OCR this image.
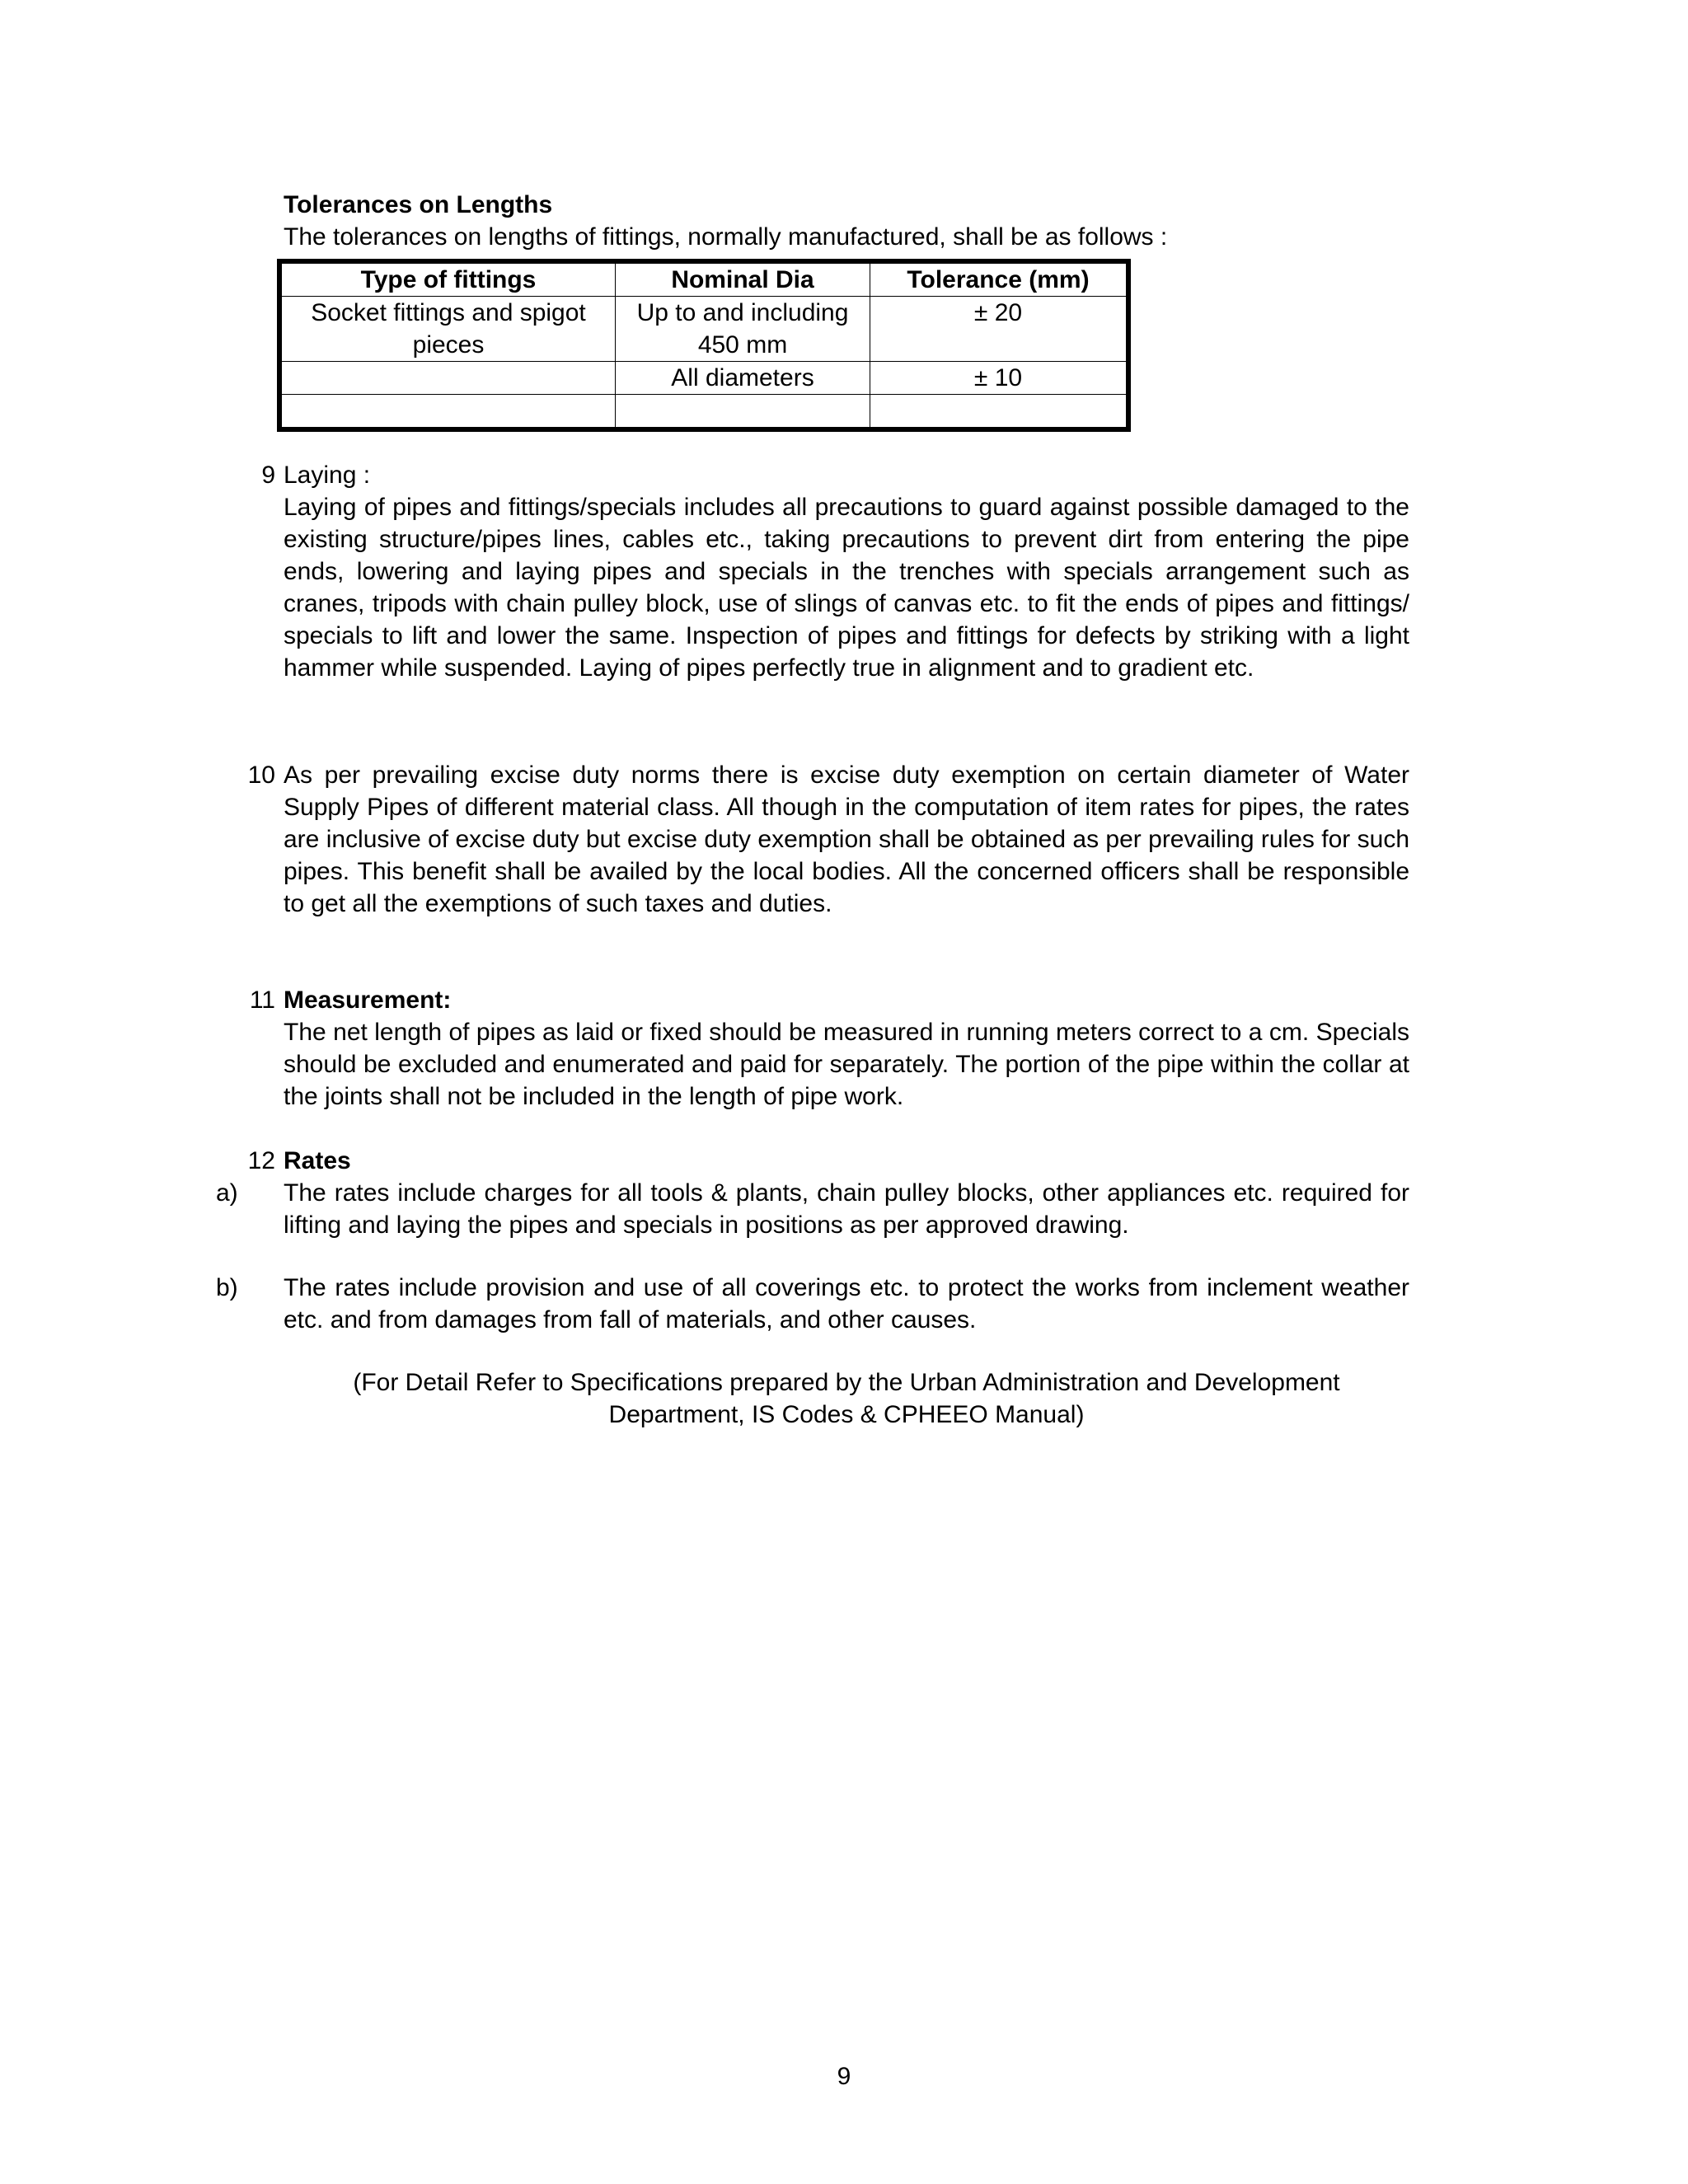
Tolerances on Lengths
The tolerances on lengths of fittings, normally manufactured, shall be as follows :
Type of fittings	Nominal Dia	Tolerance (mm)
Socket fittings and spigot pieces	Up to and including 450 mm	± 20
	All diameters	± 10

9 Laying :
Laying of pipes and fittings/specials includes all precautions to guard against possible damaged to the existing structure/pipes lines, cables etc., taking precautions to prevent dirt from entering the pipe ends, lowering and laying pipes and specials in the trenches with specials arrangement such as cranes, tripods with chain pulley block, use of slings of canvas etc. to fit the ends of pipes and fittings/ specials to lift and lower the same. Inspection of pipes and fittings for defects by striking with a light hammer while suspended. Laying of pipes perfectly true in alignment and to gradient etc.
10 As per prevailing excise duty norms there is excise duty exemption on certain diameter of Water Supply Pipes of different material class. All though in the computation of item rates for pipes, the rates are inclusive of excise duty but excise duty exemption shall be obtained as per prevailing rules for such pipes. This benefit shall be availed by the local bodies. All the concerned officers shall be responsible to get all the exemptions of such taxes and duties.
11 Measurement:
The net length of pipes as laid or fixed should be measured in running meters correct to a cm. Specials should be excluded and enumerated and paid for separately. The portion of the pipe within the collar at the joints shall not be included in the length of pipe work.
12 Rates
a) The rates include charges for all tools & plants, chain pulley blocks, other appliances etc. required for lifting and laying the pipes and specials in positions as per approved drawing.
b) The rates include provision and use of all coverings etc. to protect the works from inclement weather etc. and from damages from fall of materials, and other causes.
(For Detail Refer to Specifications prepared by the Urban Administration and Development
Department, IS Codes & CPHEEO Manual)
9
